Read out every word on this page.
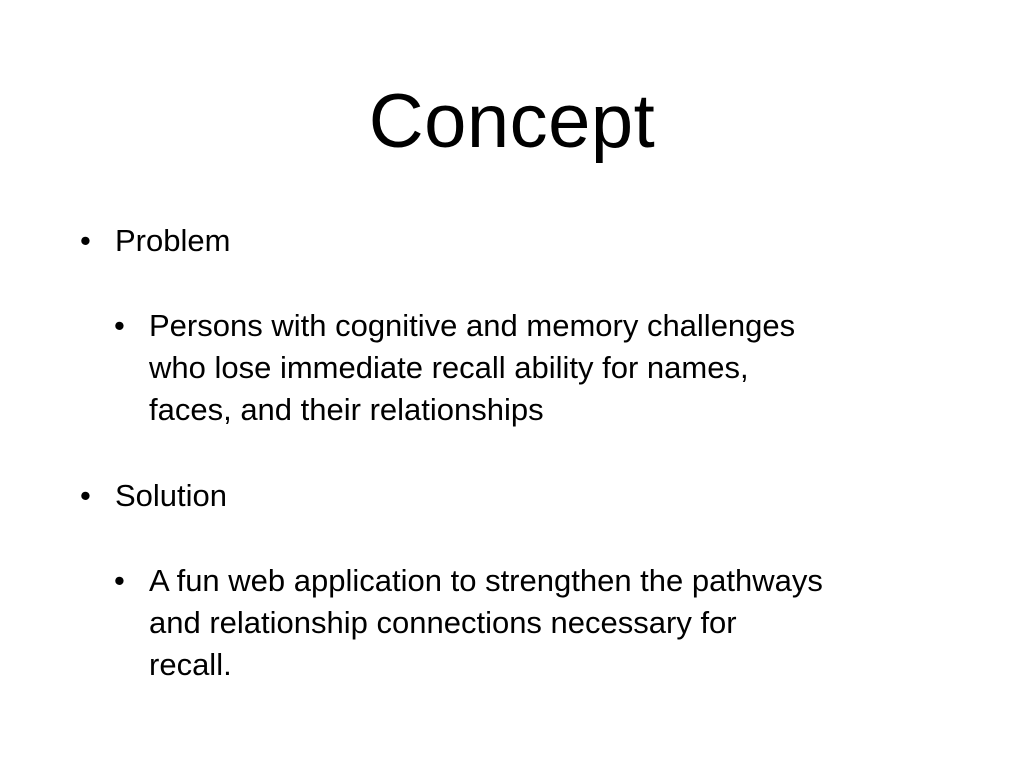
Concept
• Problem
• Persons with cognitive and memory challenges
who lose immediate recall ability for names,
faces, and their relationships
• Solution
• A fun web application to strengthen the pathways
and relationship connections necessary for
recall.
